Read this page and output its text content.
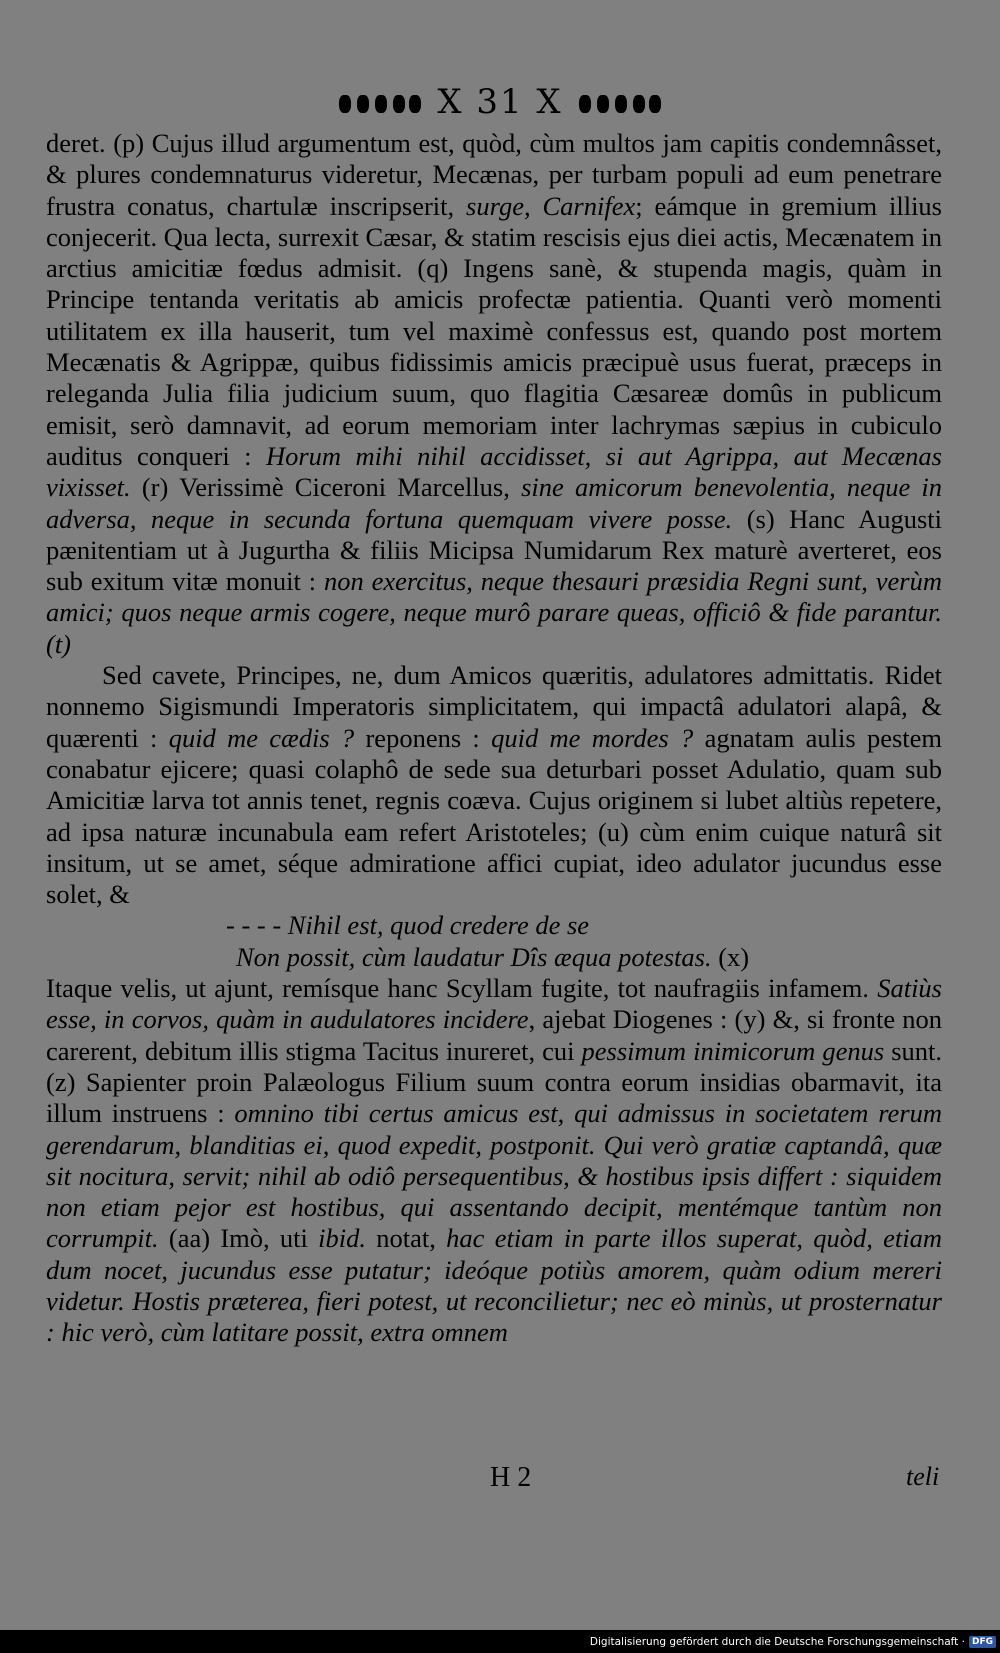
X 31 X

deret. (p) Cujus illud argumentum est, quòd, cùm multos jam capitis condemnâsset, & plures condemnaturus videretur, Mecænas, per turbam populi ad eum penetrare frustra conatus, chartulæ inscripserit, surge, Carnifex; eámque in gremium illius conjecerit. Qua lecta, surrexit Cæsar, & statim rescisis ejus diei actis, Mecænatem in arctius amicitiæ fœdus admisit. (q) Ingens sanè, & stupenda magis, quàm in Principe tentanda veritatis ab amicis profectæ patientia. Quanti verò momenti utilitatem ex illa hauserit, tum vel maximè confessus est, quando post mortem Mecænatis & Agrippæ, quibus fidissimis amicis præcipuè usus fuerat, præceps in releganda Julia filia judicium suum, quo flagitia Cæsareæ domûs in publicum emisit, serò damnavit, ad eorum memoriam inter lachrymas sæpius in cubiculo auditus conqueri : Horum mihi nihil accidisset, si aut Agrippa, aut Mecænas vixisset. (r) Verissimè Ciceroni Marcellus, sine amicorum benevolentia, neque in adversa, neque in secunda fortuna quemquam vivere posse. (s) Hanc Augusti pænitentiam ut à Jugurtha & filiis Micipsa Numidarum Rex maturè averteret, eos sub exitum vitæ monuit : non exercitus, neque thesauri præsidia Regni sunt, verùm amici; quos neque armis cogere, neque murô parare queas, officiô & fide parantur. (t)

Sed cavete, Principes, ne, dum Amicos quæritis, adulatores admittatis. Ridet nonnemo Sigismundi Imperatoris simplicitatem, qui impactâ adulatori alapâ, & quærenti : quid me cædis ? reponens : quid me mordes ? agnatam aulis pestem conabatur ejicere; quasi colaphô de sede sua deturbari posset Adulatio, quam sub Amicitiæ larva tot annis tenet, regnis coæva. Cujus originem si lubet altiùs repetere, ad ipsa naturæ incunabula eam refert Aristoteles; (u) cùm enim cuique naturâ sit insitum, ut se amet, séque admiratione affici cupiat, ideo adulator jucundus esse solet, &

- - - - Nihil est, quod credere de se

Non possit, cùm laudatur Dîs æqua potestas. (x)

Itaque velis, ut ajunt, remísque hanc Scyllam fugite, tot naufragiis infamem. Satiùs esse, in corvos, quàm in audulatores incidere, ajebat Diogenes : (y) &, si fronte non carerent, debitum illis stigma Tacitus inureret, cui pessimum inimicorum genus sunt. (z) Sapienter proin Palæologus Filium suum contra eorum insidias obarmavit, ita illum instruens : omnino tibi certus amicus est, qui admissus in societatem rerum gerendarum, blanditias ei, quod expedit, postponit. Qui verò gratiæ captandâ, quæ sit nocitura, servit; nihil ab odiô persequentibus, & hostibus ipsis differt : siquidem non etiam pejor est hostibus, qui assentando decipit, mentémque tantùm non corrumpit. (aa) Imò, uti ibid. notat, hac etiam in parte illos superat, quòd, etiam dum nocet, jucundus esse putatur; ideóque potiùs amorem, quàm odium mereri videtur. Hostis præterea, fieri potest, ut reconcilietur; nec eò minùs, ut prosternatur : hic verò, cùm latitare possit, extra omnem

H 2	teli
Digitalisierung gefördert durch die Deutsche Forschungsgemeinschaft · DFG
